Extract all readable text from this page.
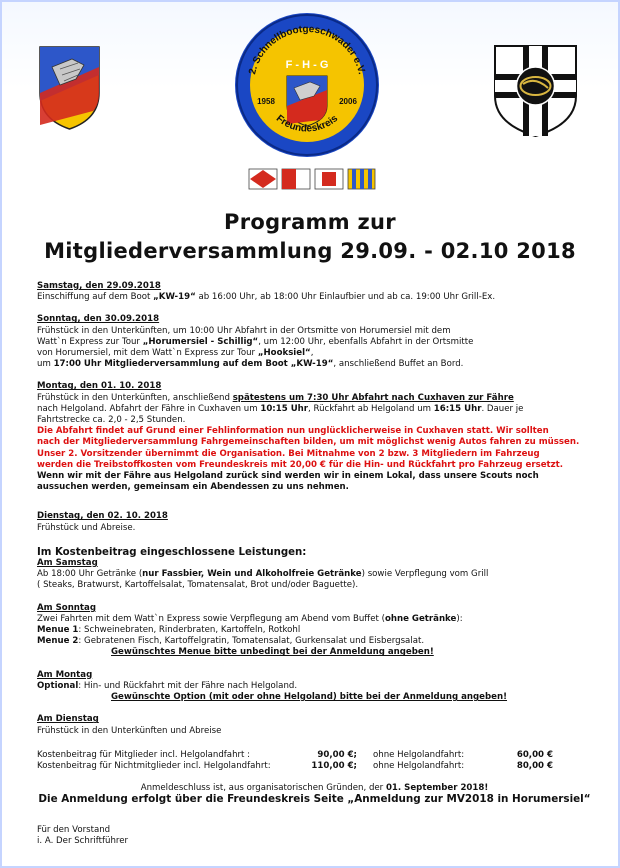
2. Schnellbootgeschwader e.V.
F - H - G
1958	2006
Freundeskreis
Programm zur
Mitgliederversammlung 29.09. - 02.10 2018

Samstag, den 29.09.2018

Einschiffung auf dem Boot „KW-19“ ab 16:00 Uhr, ab 18:00 Uhr Einlaufbier und ab ca. 19:00 Uhr Grill-Ex.

Sonntag, den 30.09.2018

Frühstück in den Unterkünften, um 10:00 Uhr Abfahrt in der Ortsmitte von Horumersiel mit dem

Watt`n Express zur Tour „Horumersiel - Schillig“, um 12:00 Uhr, ebenfalls Abfahrt in der Ortsmitte

von Horumersiel, mit dem Watt`n Express zur Tour „Hooksiel“,

um 17:00 Uhr Mitgliederversammlung auf dem Boot „KW-19“, anschließend Buffet an Bord.

Montag, den 01. 10. 2018

Frühstück in den Unterkünften, anschließend spätestens um 7:30 Uhr Abfahrt nach Cuxhaven zur Fähre

nach Helgoland. Abfahrt der Fähre in Cuxhaven um 10:15 Uhr, Rückfahrt ab Helgoland um 16:15 Uhr. Dauer je

Fahrtstrecke ca. 2,0 - 2,5 Stunden.

Die Abfahrt findet auf Grund einer Fehlinformation nun unglücklicherweise in Cuxhaven statt. Wir sollten

nach der Mitgliederversammlung Fahrgemeinschaften bilden, um mit möglichst wenig Autos fahren zu müssen.

Unser 2. Vorsitzender übernimmt die Organisation. Bei Mitnahme von 2 bzw. 3 Mitgliedern im Fahrzeug

werden die Treibstoffkosten vom Freundeskreis mit 20,00 € für die Hin- und Rückfahrt pro Fahrzeug ersetzt.

Wenn wir mit der Fähre aus Helgoland zurück sind werden wir in einem Lokal, dass unsere Scouts noch

aussuchen werden, gemeinsam ein Abendessen zu uns nehmen.

Dienstag, den 02. 10. 2018

Frühstück und Abreise.

Im Kostenbeitrag eingeschlossene Leistungen:

Am Samstag

Ab 18:00 Uhr Getränke (nur Fassbier, Wein und Alkoholfreie Getränke) sowie Verpflegung vom Grill

( Steaks, Bratwurst, Kartoffelsalat, Tomatensalat, Brot und/oder Baguette).

Am Sonntag

Zwei Fahrten mit dem Watt`n Express sowie Verpflegung am Abend vom Buffet (ohne Getränke):

Menue 1: Schweinebraten, Rinderbraten, Kartoffeln, Rotkohl

Menue 2: Gebratenen Fisch, Kartoffelgratin, Tomatensalat, Gurkensalat und Eisbergsalat.

Gewünschtes Menue bitte unbedingt bei der Anmeldung angeben!

Am Montag

Optional: Hin- und Rückfahrt mit der Fähre nach Helgoland.

Gewünschte Option (mit oder ohne Helgoland) bitte bei der Anmeldung angeben!

Am Dienstag

Frühstück in den Unterkünften und Abreise

Kostenbeitrag für Mitglieder incl. Helgolandfahrt :	90,00 €;	ohne Helgolandfahrt:	60,00 €
Kostenbeitrag für Nichtmitglieder incl. Helgolandfahrt:	110,00 €;	ohne Helgolandfahrt:	80,00 €

Anmeldeschluss ist, aus organisatorischen Gründen, der 01. September 2018!

Die Anmeldung erfolgt über die Freundeskreis Seite „Anmeldung zur MV2018 in Horumersiel“

Für den Vorstand

i. A. Der Schriftführer
